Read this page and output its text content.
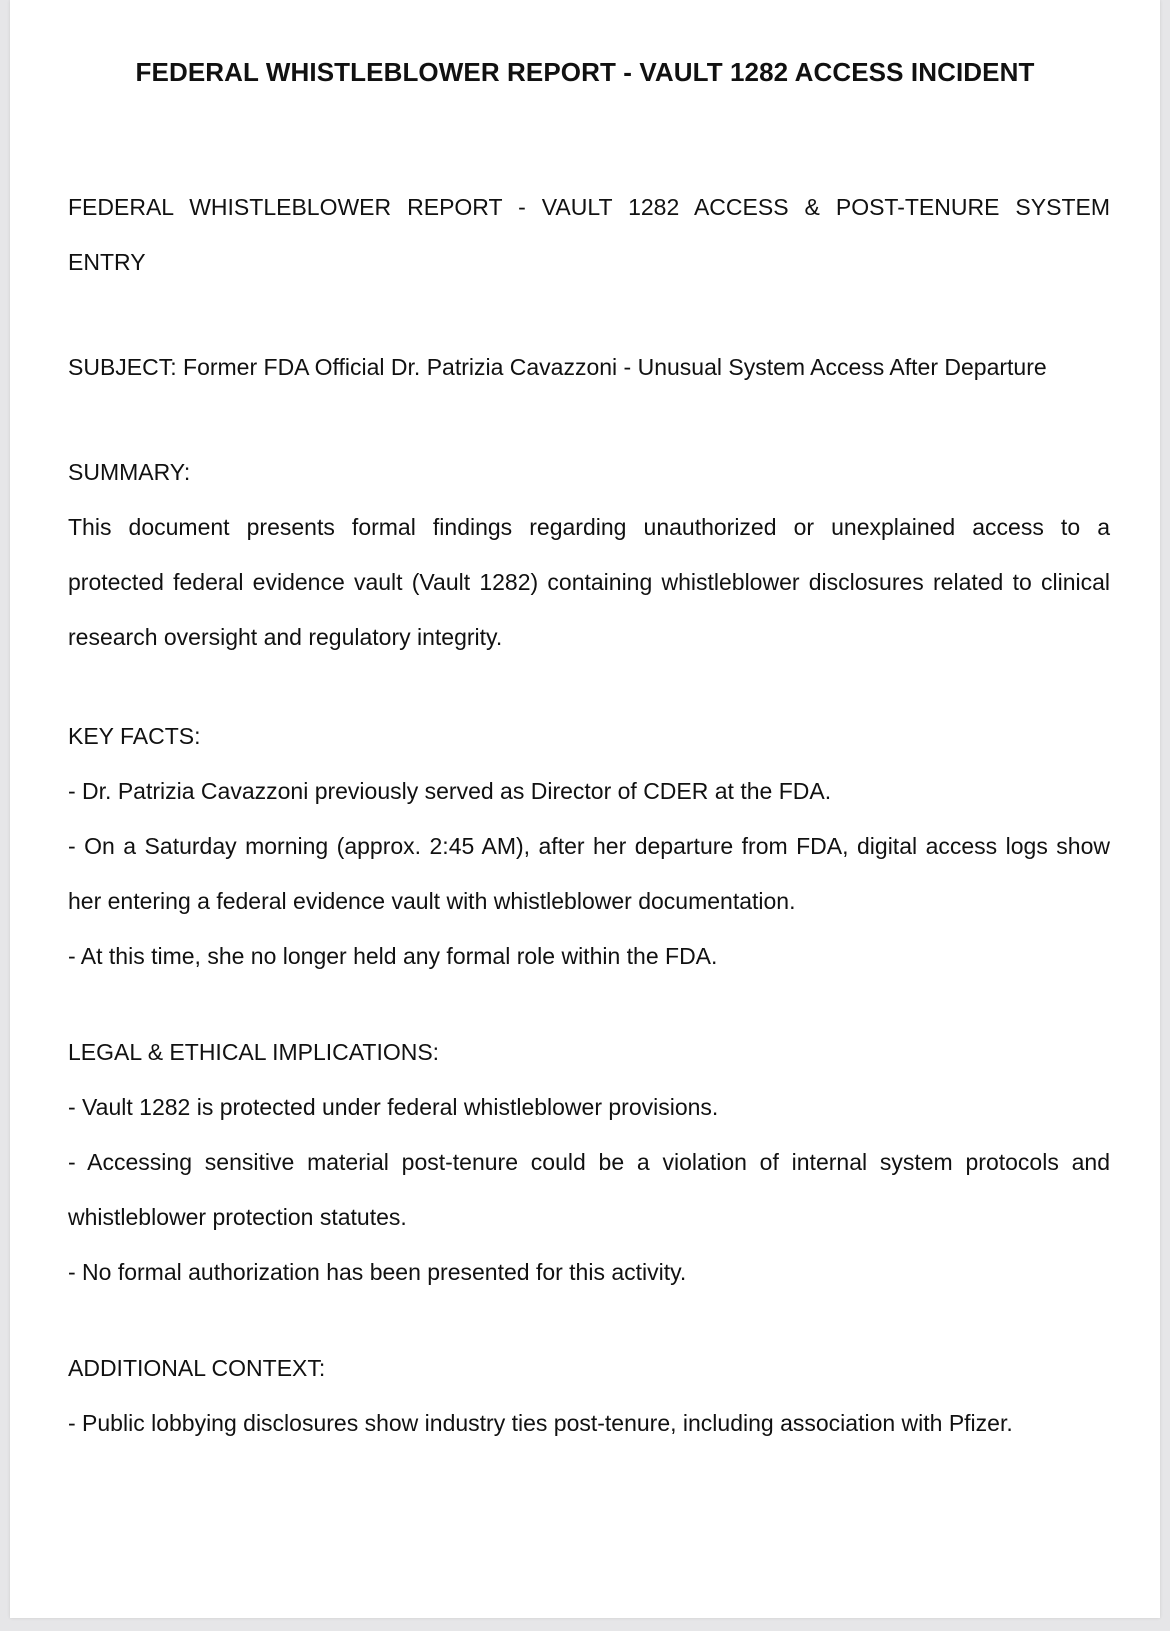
FEDERAL WHISTLEBLOWER REPORT - VAULT 1282 ACCESS INCIDENT
FEDERAL WHISTLEBLOWER REPORT - VAULT 1282 ACCESS & POST-TENURE SYSTEM
ENTRY
SUBJECT: Former FDA Official Dr. Patrizia Cavazzoni - Unusual System Access After Departure
SUMMARY:
This document presents formal findings regarding unauthorized or unexplained access to a
protected federal evidence vault (Vault 1282) containing whistleblower disclosures related to clinical
research oversight and regulatory integrity.
KEY FACTS:
- Dr. Patrizia Cavazzoni previously served as Director of CDER at the FDA.
- On a Saturday morning (approx. 2:45 AM), after her departure from FDA, digital access logs show
her entering a federal evidence vault with whistleblower documentation.
- At this time, she no longer held any formal role within the FDA.
LEGAL & ETHICAL IMPLICATIONS:
- Vault 1282 is protected under federal whistleblower provisions.
- Accessing sensitive material post-tenure could be a violation of internal system protocols and
whistleblower protection statutes.
- No formal authorization has been presented for this activity.
ADDITIONAL CONTEXT:
- Public lobbying disclosures show industry ties post-tenure, including association with Pfizer.
